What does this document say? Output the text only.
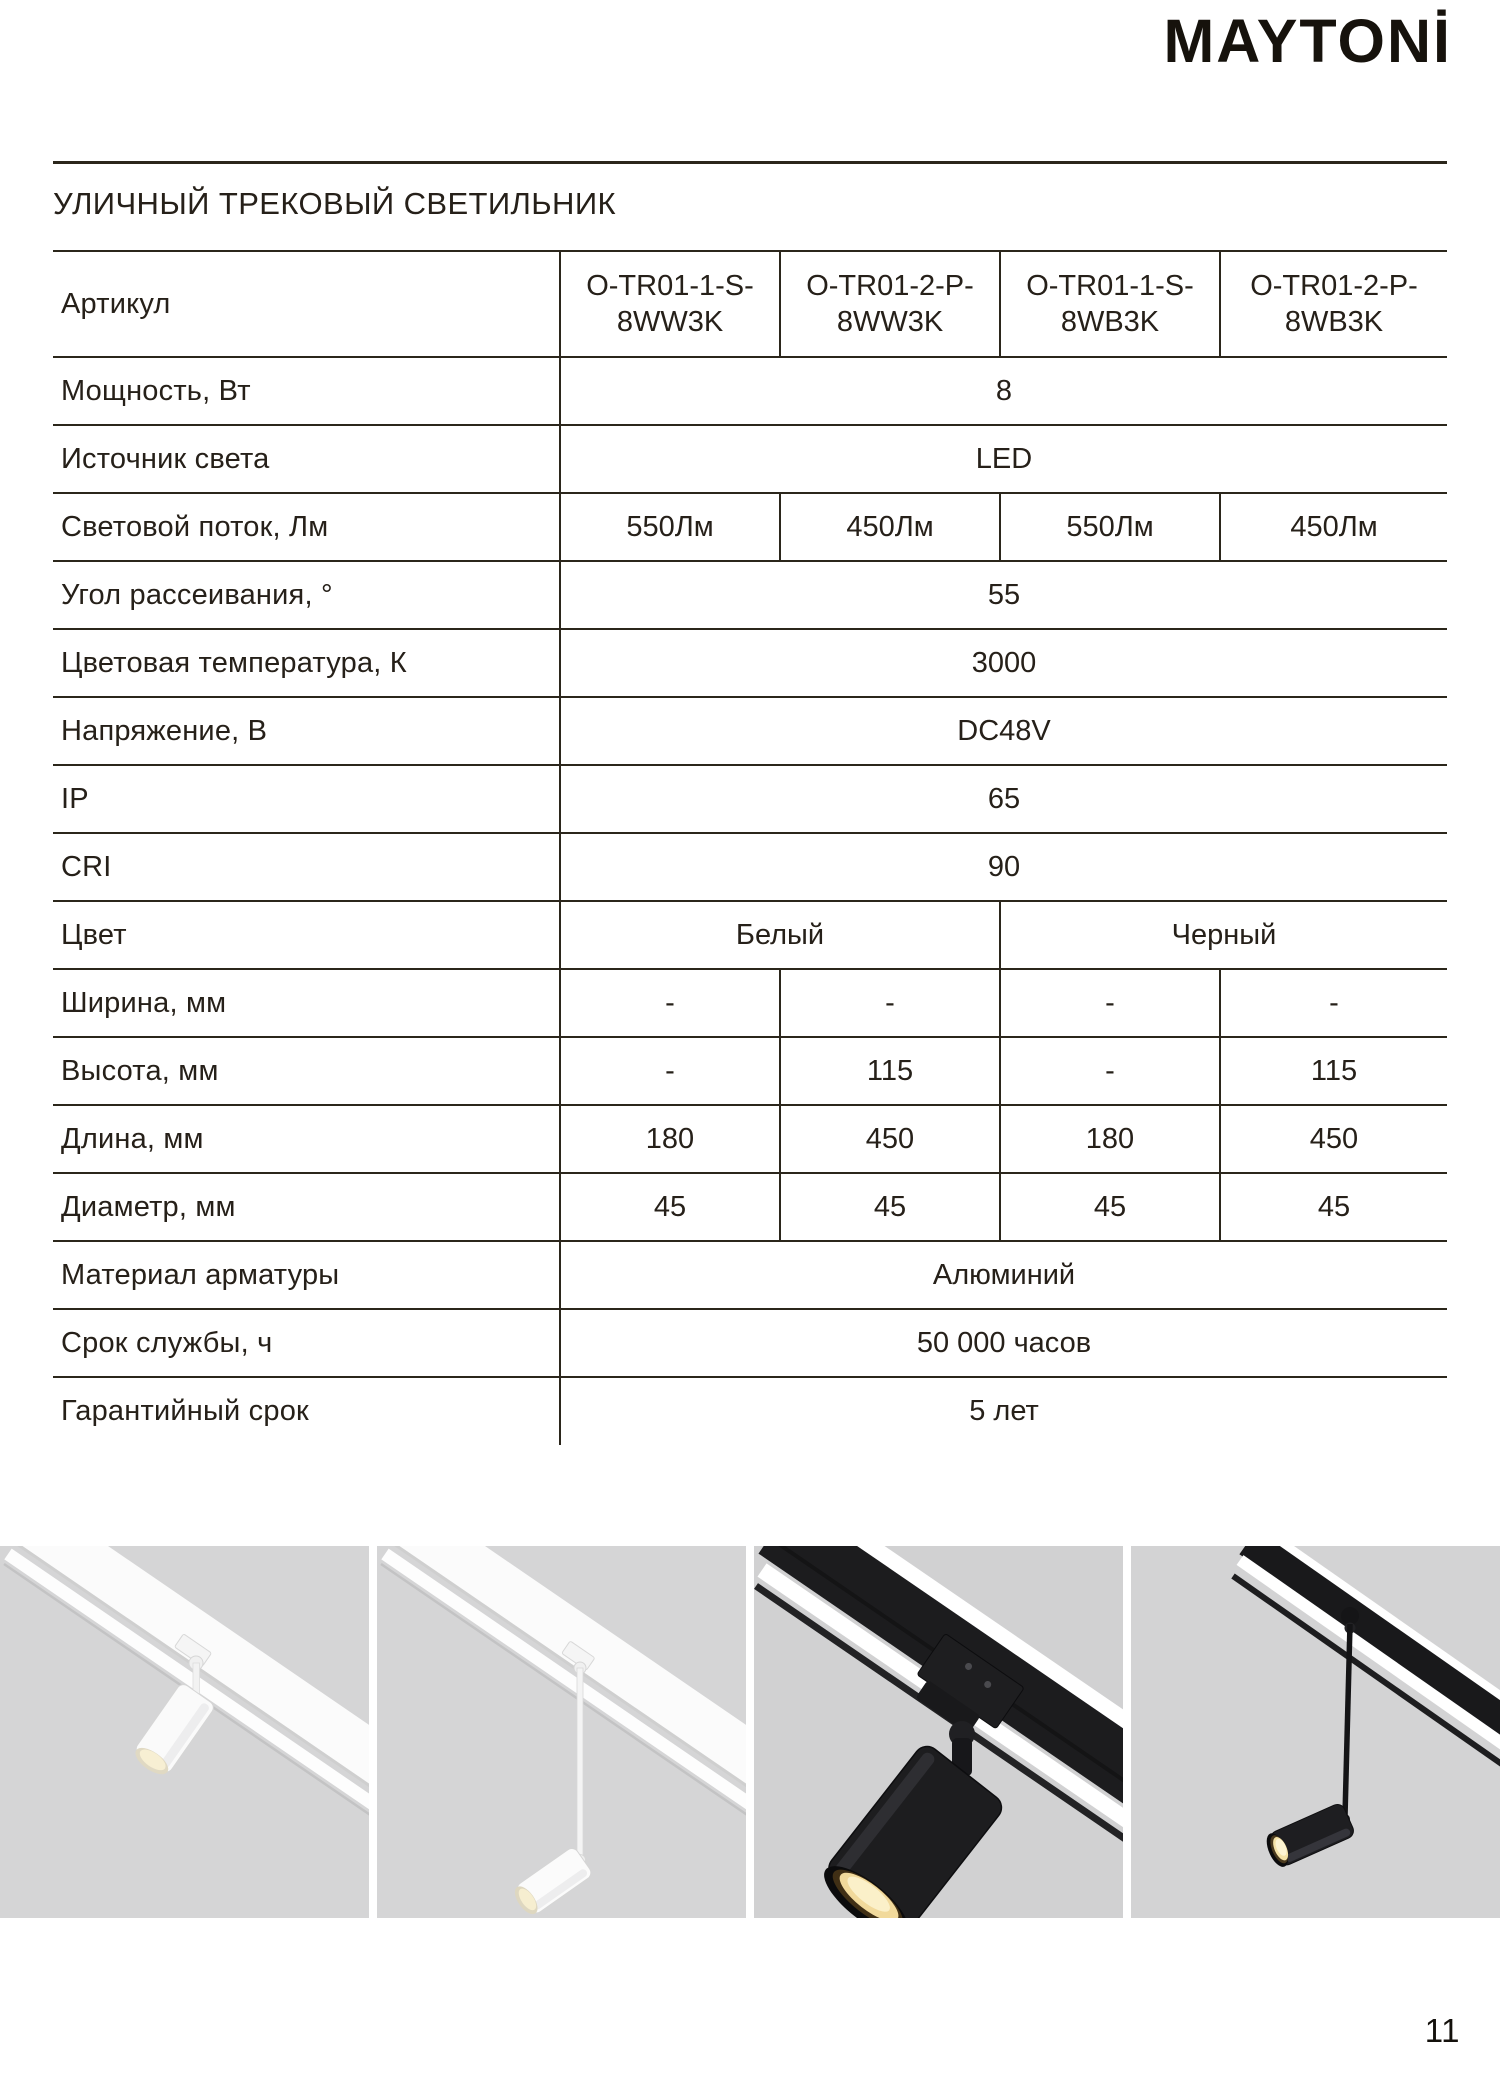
MAYTONİ
УЛИЧНЫЙ ТРЕКОВЫЙ СВЕТИЛЬНИК
Артикул	O-TR01-1-S-8WW3K	O-TR01-2-P-8WW3K	O-TR01-1-S-8WB3K	O-TR01-2-P-8WB3K
Мощность, Вт	8			
Источник света	LED			
Световой поток, Лм	550Лм	450Лм	550Лм	450Лм
Угол рассеивания, °	55			
Цветовая температура, К	3000			
Напряжение, В	DC48V			
IP	65			
CRI	90			
Цвет	Белый		Черный	
Ширина, мм	-	-	-	-
Высота, мм	-	115	-	115
Длина, мм	180	450	180	450
Диаметр, мм	45	45	45	45
Материал арматуры	Алюминий			
Срок службы, ч	50 000 часов			
Гарантийный срок	5 лет			
11
